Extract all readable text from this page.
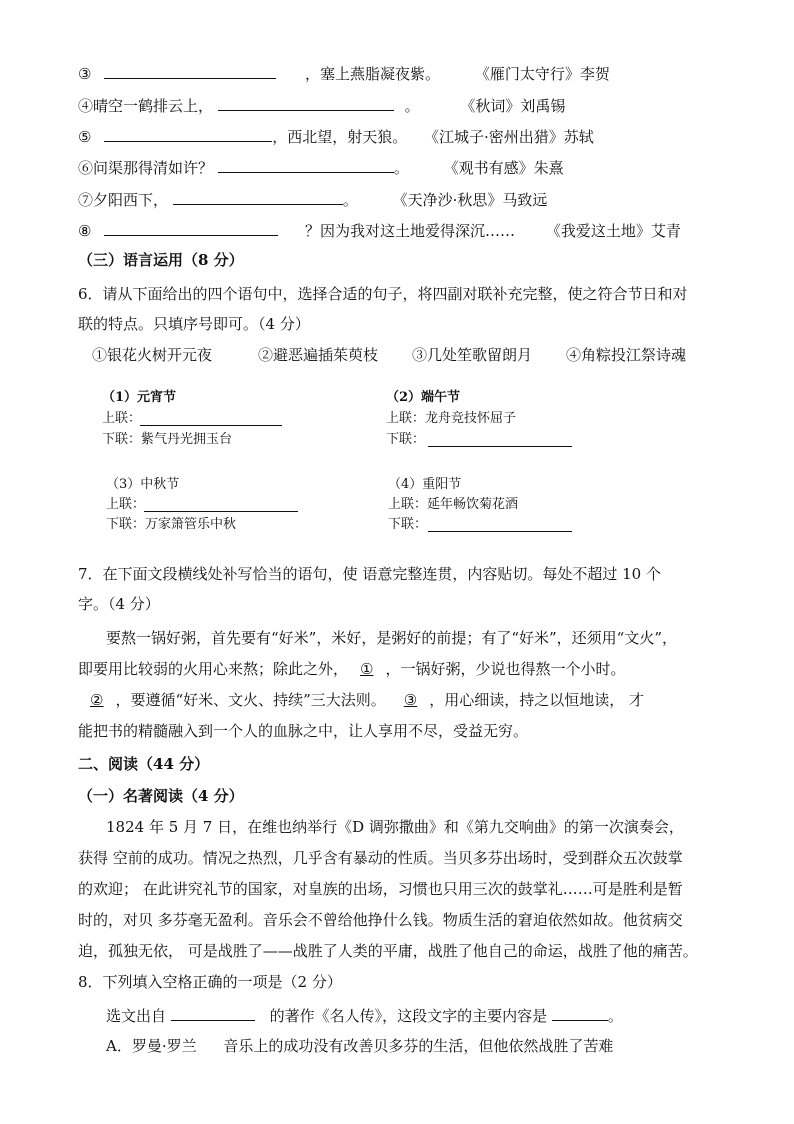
③	，塞上燕脂凝夜紫。 《雁门太守行》李贺
④晴空一鹤排云上，	。	《秋词》刘禹锡
⑤	，西北望，射天狼。 《江城子·密州出猎》苏轼
⑥问渠那得清如许？	。 《观书有感》朱熹
⑦夕阳西下，	。 《天净沙·秋思》马致远
⑧	？因为我对这土地爱得深沉…… 《我爱这土地》艾青
（三）语言运用（8 分）
6．请从下面给出的四个语句中，选择合适的句子，将四副对联补充完整，使之符合节日和对
联的特点。只填序号即可。（4 分）
①银花火树开元夜	②避恶遍插茱萸枝 ③几处笙歌留朗月 ④角粽投江祭诗魂
（1）元宵节
上联：
下联：紫气丹光拥玉台
（2）端午节
上联：龙舟竞技怀屈子
下联：
（3）中秋节
上联：
下联：万家箫管乐中秋
（4）重阳节
上联：延年畅饮菊花酒
下联：
7．在下面文段横线处补写恰当的语句，使 语意完整连贯，内容贴切。每处不超过 10 个
字。（4 分）
要熬一锅好粥，首先要有“好米”，米好，是粥好的前提；有了“好米”，还须用“文火”，
即要用比较弱的火用心来熬；除此之外， ① ，一锅好粥，少说也得熬一个小时。
② ，要遵循“好米、文火、持续”三大法则。 ③ ，用心细读，持之以恒地读， 才
能把书的精髓融入到一个人的血脉之中，让人享用不尽，受益无穷。
二、阅读（44 分）
（一）名著阅读（4 分）
1824 年 5 月 7 日，在维也纳举行《D 调弥撒曲》和《第九交响曲》的第一次演奏会，
获得 空前的成功。情况之热烈，几乎含有暴动的性质。当贝多芬出场时，受到群众五次鼓掌
的欢迎； 在此讲究礼节的国家，对皇族的出场，习惯也只用三次的鼓掌礼……可是胜利是暂
时的，对贝 多芬毫无盈利。音乐会不曾给他挣什么钱。物质生活的窘迫依然如故。他贫病交
迫，孤独无依， 可是战胜了——战胜了人类的平庸，战胜了他自己的命运，战胜了他的痛苦。
8．下列填入空格正确的一项是（2 分）
选文出自	的著作《名人传》，这段文字的主要内容是	。
A．罗曼·罗兰 音乐上的成功没有改善贝多芬的生活，但他依然战胜了苦难
